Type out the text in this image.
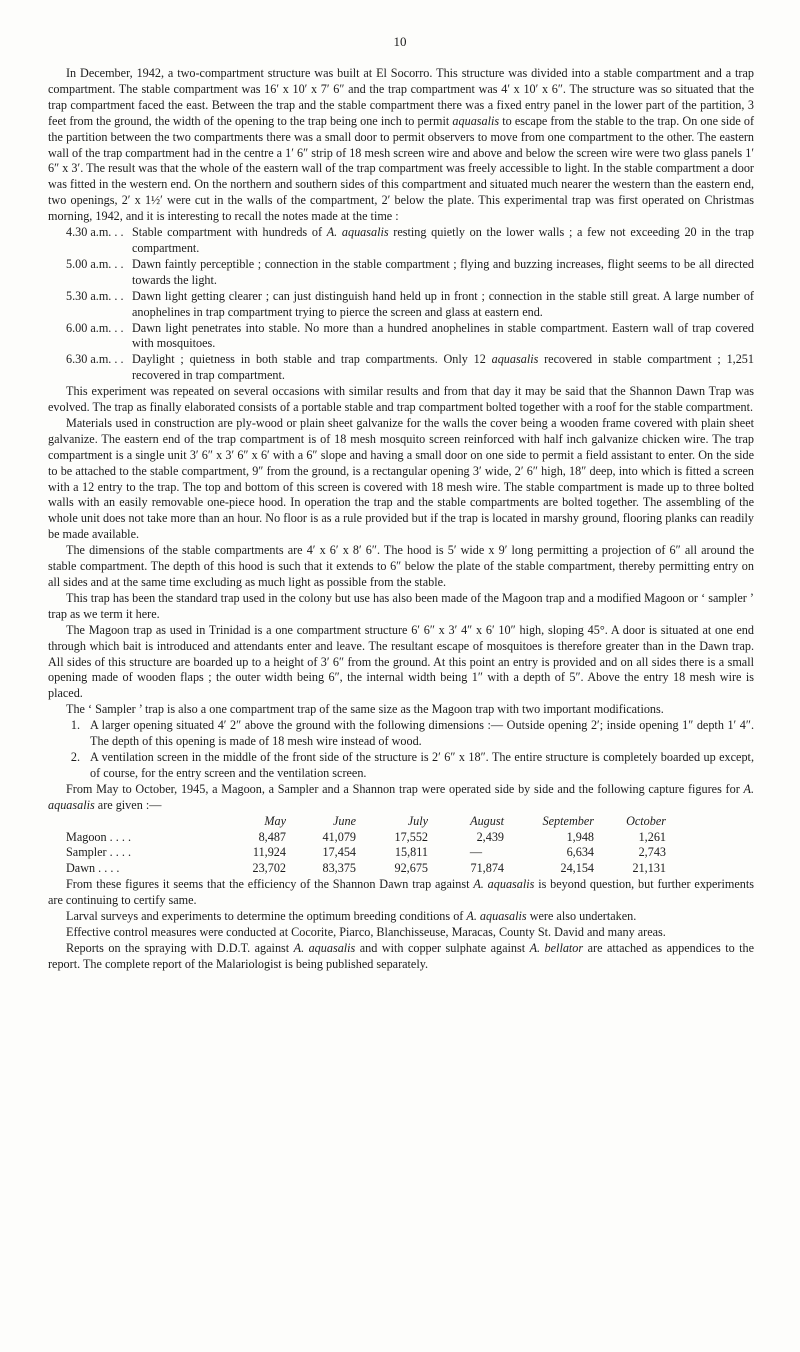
10

In December, 1942, a two-compartment structure was built at El Socorro. This structure was divided into a stable compartment and a trap compartment. The stable compartment was 16′ x 10′ x 7′ 6″ and the trap compartment was 4′ x 10′ x 6″. The structure was so situated that the trap compartment faced the east. Between the trap and the stable compartment there was a fixed entry panel in the lower part of the partition, 3 feet from the ground, the width of the opening to the trap being one inch to permit aquasalis to escape from the stable to the trap. On one side of the partition between the two compartments there was a small door to permit observers to move from one compartment to the other. The eastern wall of the trap compartment had in the centre a 1′ 6″ strip of 18 mesh screen wire and above and below the screen wire were two glass panels 1′ 6″ x 3′. The result was that the whole of the eastern wall of the trap compartment was freely accessible to light. In the stable compartment a door was fitted in the western end. On the northern and southern sides of this compartment and situated much nearer the western than the eastern end, two openings, 2′ x 1½′ were cut in the walls of the compartment, 2′ below the plate. This experimental trap was first operated on Christmas morning, 1942, and it is interesting to recall the notes made at the time :

4.30 a.m. . . Stable compartment with hundreds of A. aquasalis resting quietly on the lower walls ; a few not exceeding 20 in the trap compartment.
5.00 a.m. . . Dawn faintly perceptible ; connection in the stable compartment ; flying and buzzing increases, flight seems to be all directed towards the light.
5.30 a.m. . . Dawn light getting clearer ; can just distinguish hand held up in front ; connection in the stable still great. A large number of anophelines in trap compartment trying to pierce the screen and glass at eastern end.
6.00 a.m. . . Dawn light penetrates into stable. No more than a hundred anophelines in stable compartment. Eastern wall of trap covered with mosquitoes.
6.30 a.m. . . Daylight ; quietness in both stable and trap compartments. Only 12 aquasalis recovered in stable compartment ; 1,251 recovered in trap compartment.

This experiment was repeated on several occasions with similar results and from that day it may be said that the Shannon Dawn Trap was evolved. The trap as finally elaborated consists of a portable stable and trap compartment bolted together with a roof for the stable compartment.

Materials used in construction are ply-wood or plain sheet galvanize for the walls the cover being a wooden frame covered with plain sheet galvanize. The eastern end of the trap compartment is of 18 mesh mosquito screen reinforced with half inch galvanize chicken wire. The trap compartment is a single unit 3′ 6″ x 3′ 6″ x 6′ with a 6″ slope and having a small door on one side to permit a field assistant to enter. On the side to be attached to the stable compartment, 9″ from the ground, is a rectangular opening 3′ wide, 2′ 6″ high, 18″ deep, into which is fitted a screen with a 12 entry to the trap. The top and bottom of this screen is covered with 18 mesh wire. The stable compartment is made up to three bolted walls with an easily removable one-piece hood. In operation the trap and the stable compartments are bolted together. The assembling of the whole unit does not take more than an hour. No floor is as a rule provided but if the trap is located in marshy ground, flooring planks can readily be made available.

The dimensions of the stable compartments are 4′ x 6′ x 8′ 6″. The hood is 5′ wide x 9′ long permitting a projection of 6″ all around the stable compartment. The depth of this hood is such that it extends to 6″ below the plate of the stable compartment, thereby permitting entry on all sides and at the same time excluding as much light as possible from the stable.

This trap has been the standard trap used in the colony but use has also been made of the Magoon trap and a modified Magoon or ‘ sampler ’ trap as we term it here.

The Magoon trap as used in Trinidad is a one compartment structure 6′ 6″ x 3′ 4″ x 6′ 10″ high, sloping 45°. A door is situated at one end through which bait is introduced and attendants enter and leave. The resultant escape of mosquitoes is therefore greater than in the Dawn trap. All sides of this structure are boarded up to a height of 3′ 6″ from the ground. At this point an entry is provided and on all sides there is a small opening made of wooden flaps ; the outer width being 6″, the internal width being 1″ with a depth of 5″. Above the entry 18 mesh wire is placed.

The ‘ Sampler ’ trap is also a one compartment trap of the same size as the Magoon trap with two important modifications.

1. A larger opening situated 4′ 2″ above the ground with the following dimensions :— Outside opening 2′; inside opening 1″ depth 1′ 4″. The depth of this opening is made of 18 mesh wire instead of wood.
2. A ventilation screen in the middle of the front side of the structure is 2′ 6″ x 18″. The entire structure is completely boarded up except, of course, for the entry screen and the ventilation screen.

From May to October, 1945, a Magoon, a Sampler and a Shannon trap were operated side by side and the following capture figures for A. aquasalis are given :—

	May	June	July	August	September	October
Magoon . . . .	8,487	41,079	17,552	2,439	1,948	1,261
Sampler . . . .	11,924	17,454	15,811	—	6,634	2,743
Dawn . . . .	23,702	83,375	92,675	71,874	24,154	21,131

From these figures it seems that the efficiency of the Shannon Dawn trap against A. aquasalis is beyond question, but further experiments are continuing to certify same.

Larval surveys and experiments to determine the optimum breeding conditions of A. aquasalis were also undertaken.

Effective control measures were conducted at Cocorite, Piarco, Blanchisseuse, Maracas, County St. David and many areas.

Reports on the spraying with D.D.T. against A. aquasalis and with copper sulphate against A. bellator are attached as appendices to the report. The complete report of the Malariologist is being published separately.
